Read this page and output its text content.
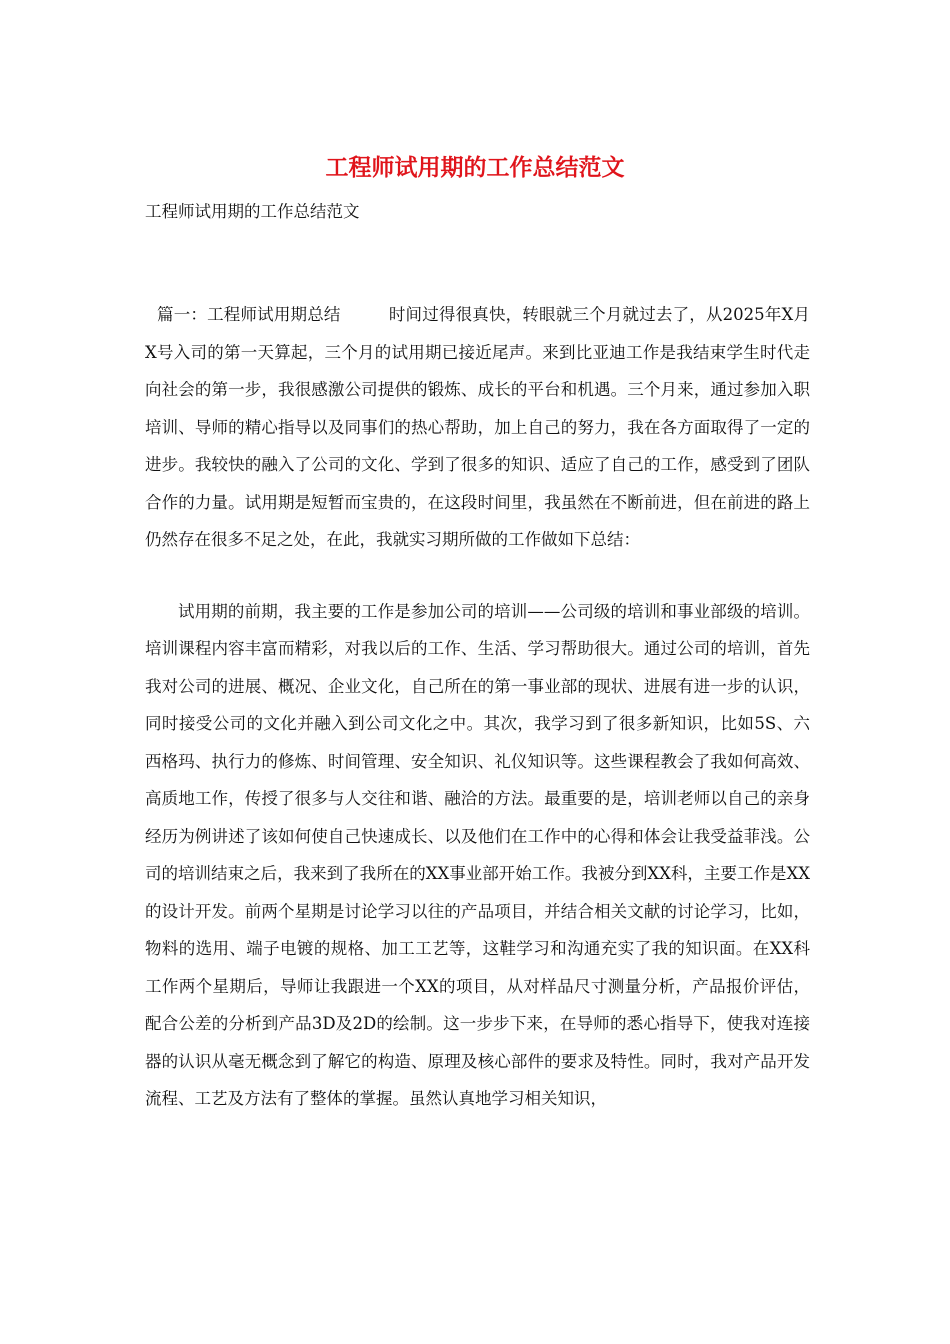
工程师试用期的工作总结范文

工程师试用期的工作总结范文

篇一：工程师试用期总结	时间过得很真快，转眼就三个月就过去了，从2025年X月X号入司的第一天算起，三个月的试用期已接近尾声。来到比亚迪工作是我结束学生时代走向社会的第一步，我很感激公司提供的锻炼、成长的平台和机遇。三个月来，通过参加入职培训、导师的精心指导以及同事们的热心帮助，加上自己的努力，我在各方面取得了一定的进步。我较快的融入了公司的文化、学到了很多的知识、适应了自己的工作，感受到了团队合作的力量。试用期是短暂而宝贵的，在这段时间里，我虽然在不断前进，但在前进的路上仍然存在很多不足之处，在此，我就实习期所做的工作做如下总结：

试用期的前期，我主要的工作是参加公司的培训——公司级的培训和事业部级的培训。培训课程内容丰富而精彩，对我以后的工作、生活、学习帮助很大。通过公司的培训，首先我对公司的进展、概况、企业文化，自己所在的第一事业部的现状、进展有进一步的认识，同时接受公司的文化并融入到公司文化之中。其次，我学习到了很多新知识，比如5S、六西格玛、执行力的修炼、时间管理、安全知识、礼仪知识等。这些课程教会了我如何高效、高质地工作，传授了很多与人交往和谐、融洽的方法。最重要的是，培训老师以自己的亲身经历为例讲述了该如何使自己快速成长、以及他们在工作中的心得和体会让我受益菲浅。公司的培训结束之后，我来到了我所在的XX事业部开始工作。我被分到XX科，主要工作是XX的设计开发。前两个星期是讨论学习以往的产品项目，并结合相关文献的讨论学习，比如，物料的选用、端子电镀的规格、加工工艺等，这鞋学习和沟通充实了我的知识面。在XX科工作两个星期后，导师让我跟进一个XX的项目，从对样品尺寸测量分析，产品报价评估，配合公差的分析到产品3D及2D的绘制。这一步步下来，在导师的悉心指导下，使我对连接器的认识从毫无概念到了解它的构造、原理及核心部件的要求及特性。同时，我对产品开发流程、工艺及方法有了整体的掌握。虽然认真地学习相关知识，
